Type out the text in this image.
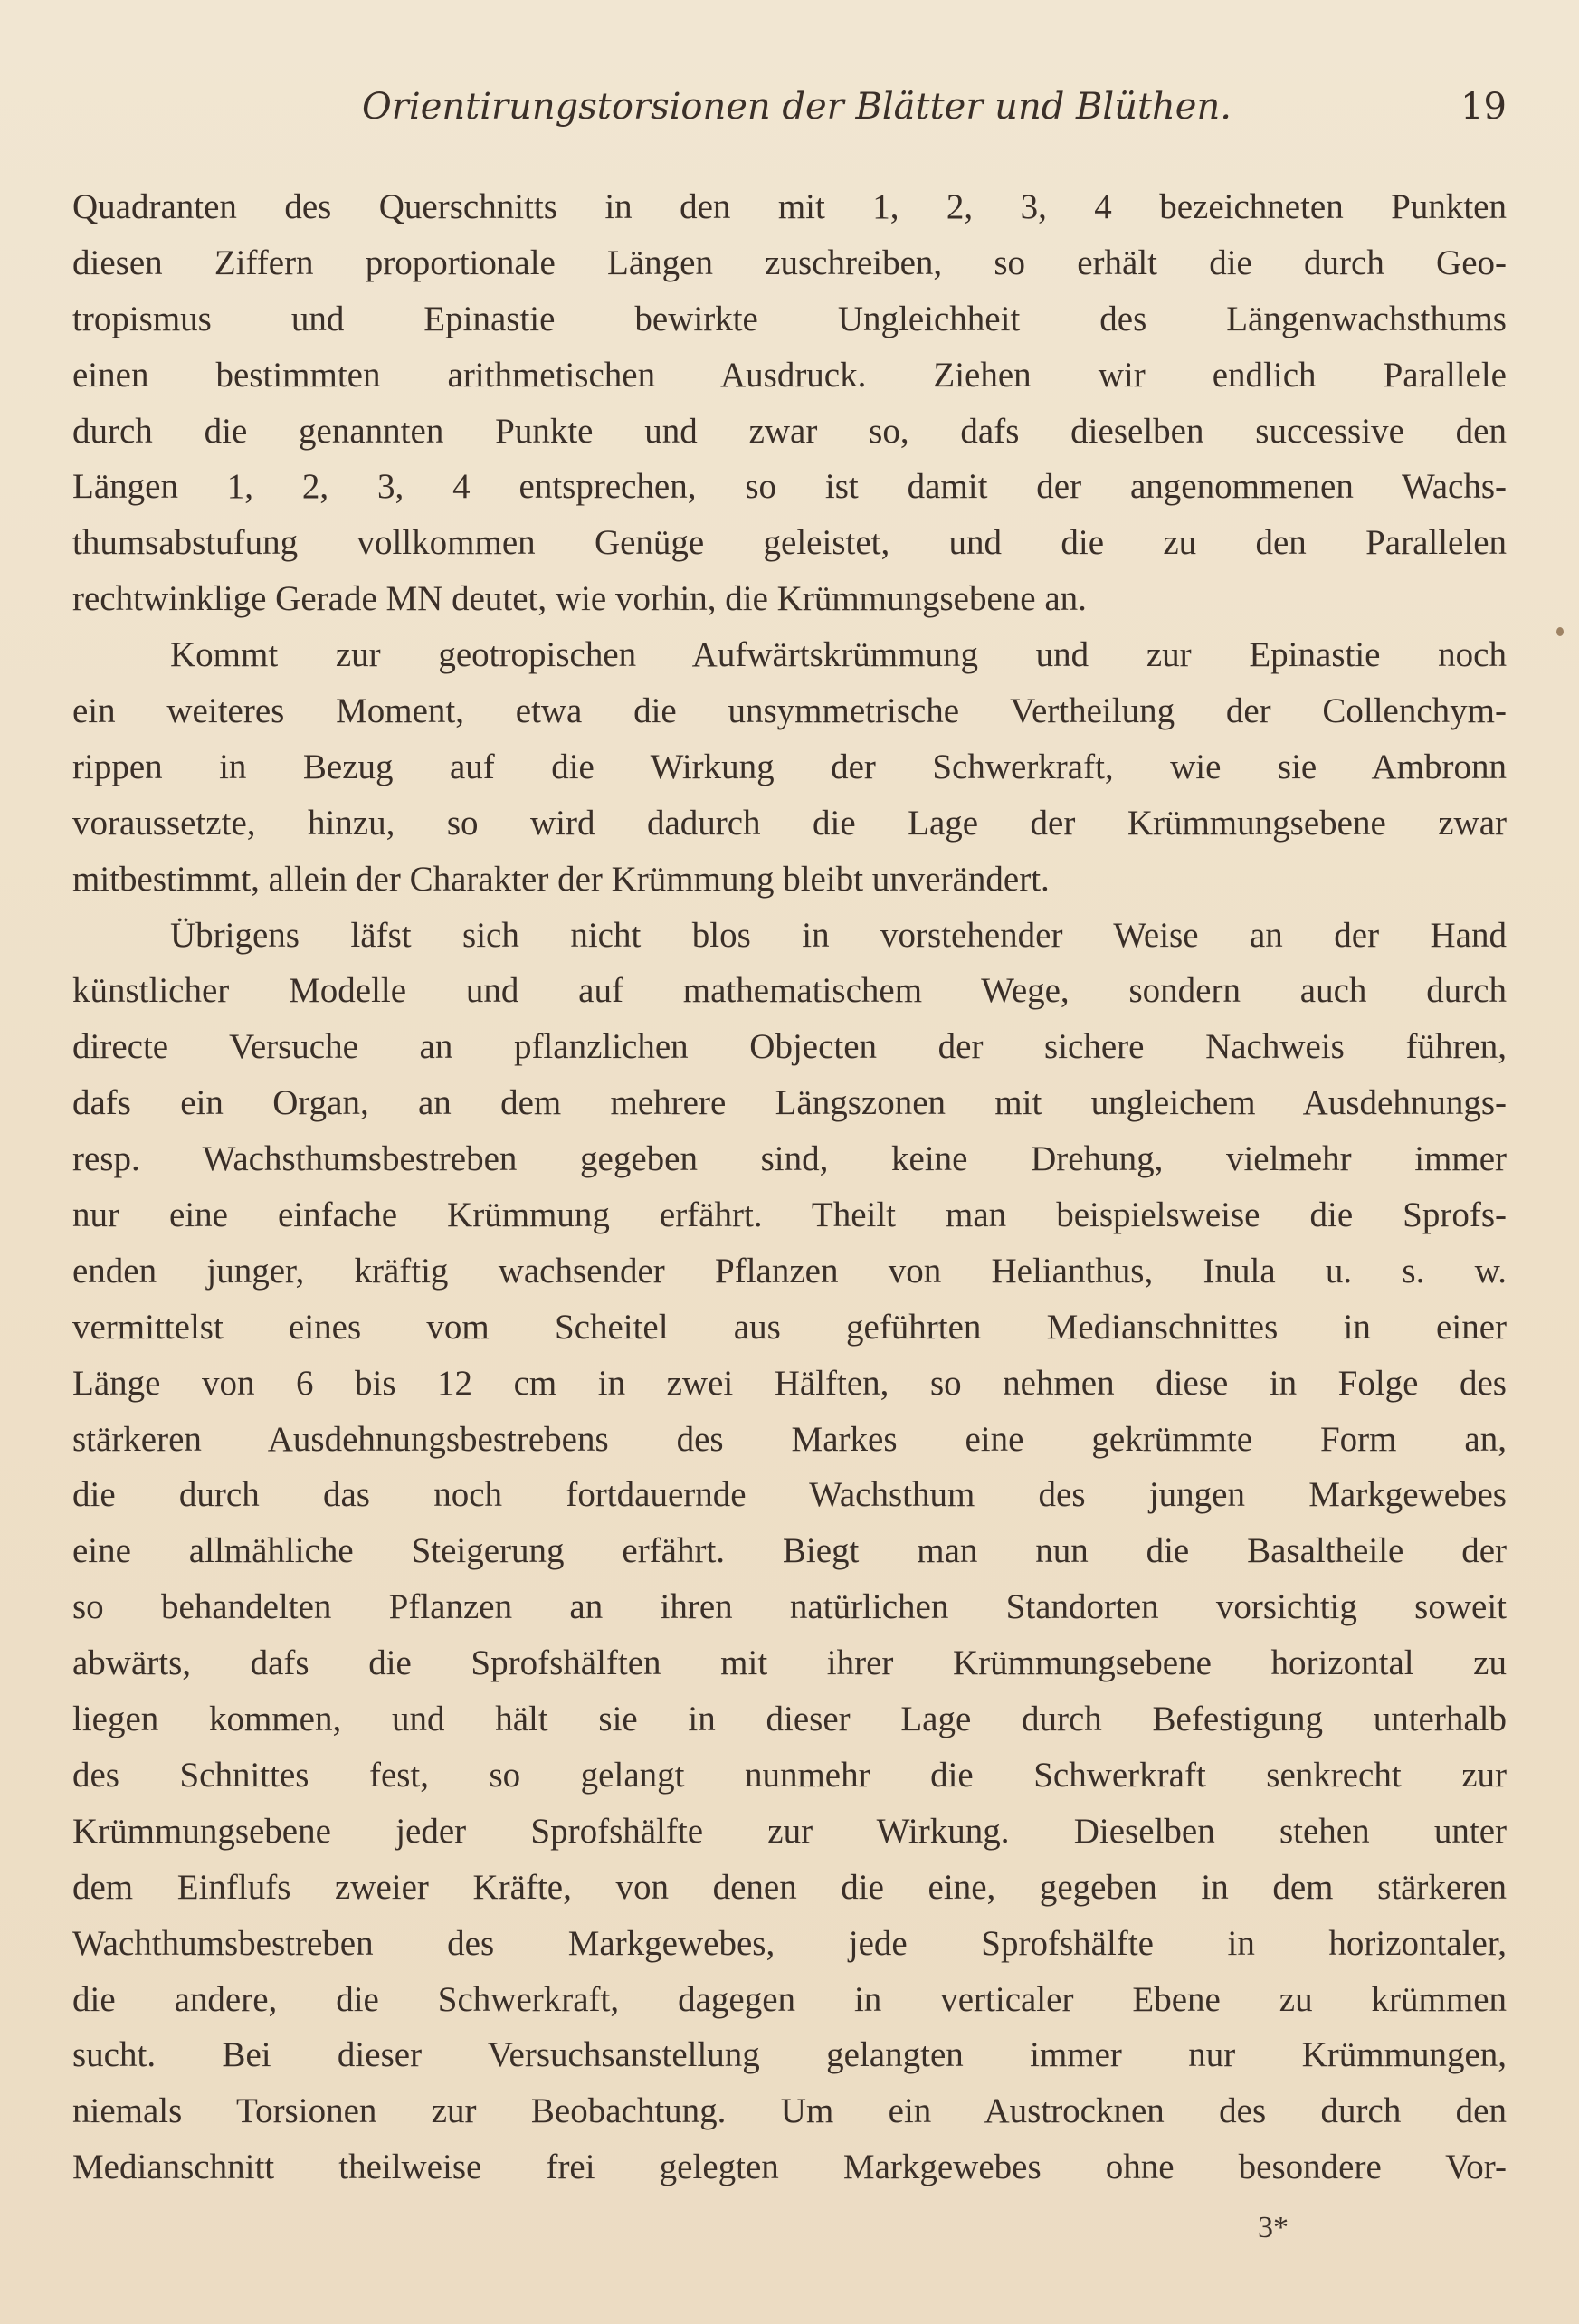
Orientirungstorsionen der Blätter und Blüthen.	19
Quadranten des Querschnitts in den mit 1, 2, 3, 4 bezeichneten Punkten
diesen Ziffern proportionale Längen zuschreiben, so erhält die durch Geo-
tropismus und Epinastie bewirkte Ungleichheit des Längenwachsthums
einen bestimmten arithmetischen Ausdruck. Ziehen wir endlich Parallele
durch die genannten Punkte und zwar so, dafs dieselben successive den
Längen 1, 2, 3, 4 entsprechen, so ist damit der angenommenen Wachs-
thumsabstufung vollkommen Genüge geleistet, und die zu den Parallelen
rechtwinklige Gerade MN deutet, wie vorhin, die Krümmungsebene an.
Kommt zur geotropischen Aufwärtskrümmung und zur Epinastie noch
ein weiteres Moment, etwa die unsymmetrische Vertheilung der Collenchym-
rippen in Bezug auf die Wirkung der Schwerkraft, wie sie Ambronn
voraussetzte, hinzu, so wird dadurch die Lage der Krümmungsebene zwar
mitbestimmt, allein der Charakter der Krümmung bleibt unverändert.
Übrigens läfst sich nicht blos in vorstehender Weise an der Hand
künstlicher Modelle und auf mathematischem Wege, sondern auch durch
directe Versuche an pflanzlichen Objecten der sichere Nachweis führen,
dafs ein Organ, an dem mehrere Längszonen mit ungleichem Ausdehnungs-
resp. Wachsthumsbestreben gegeben sind, keine Drehung, vielmehr immer
nur eine einfache Krümmung erfährt. Theilt man beispielsweise die Sprofs-
enden junger, kräftig wachsender Pflanzen von Helianthus, Inula u. s. w.
vermittelst eines vom Scheitel aus geführten Medianschnittes in einer
Länge von 6 bis 12 cm in zwei Hälften, so nehmen diese in Folge des
stärkeren Ausdehnungsbestrebens des Markes eine gekrümmte Form an,
die durch das noch fortdauernde Wachsthum des jungen Markgewebes
eine allmähliche Steigerung erfährt. Biegt man nun die Basaltheile der
so behandelten Pflanzen an ihren natürlichen Standorten vorsichtig soweit
abwärts, dafs die Sprofshälften mit ihrer Krümmungsebene horizontal zu
liegen kommen, und hält sie in dieser Lage durch Befestigung unterhalb
des Schnittes fest, so gelangt nunmehr die Schwerkraft senkrecht zur
Krümmungsebene jeder Sprofshälfte zur Wirkung. Dieselben stehen unter
dem Einflufs zweier Kräfte, von denen die eine, gegeben in dem stärkeren
Wachthumsbestreben des Markgewebes, jede Sprofshälfte in horizontaler,
die andere, die Schwerkraft, dagegen in verticaler Ebene zu krümmen
sucht. Bei dieser Versuchsanstellung gelangten immer nur Krümmungen,
niemals Torsionen zur Beobachtung. Um ein Austrocknen des durch den
Medianschnitt theilweise frei gelegten Markgewebes ohne besondere Vor-
3*
